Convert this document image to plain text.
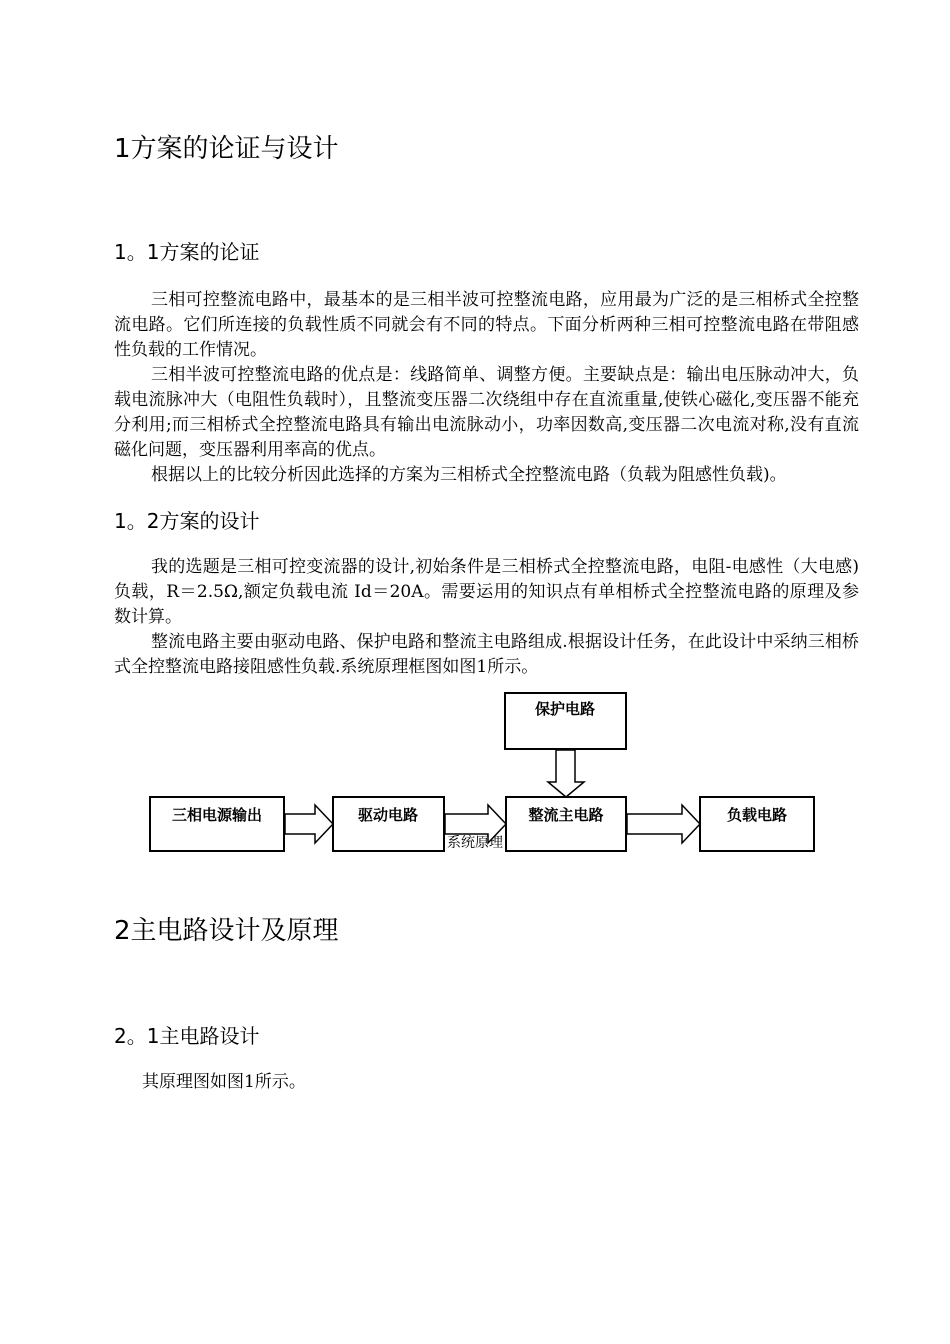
1方案的论证与设计
1。1方案的论证

三相可控整流电路中，最基本的是三相半波可控整流电路，应用最为广泛的是三相桥式全控整流电路。它们所连接的负载性质不同就会有不同的特点。下面分析两种三相可控整流电路在带阻感性负载的工作情况。

三相半波可控整流电路的优点是：线路简单、调整方便。主要缺点是：输出电压脉动冲大，负载电流脉冲大（电阻性负载时），且整流变压器二次绕组中存在直流重量,使铁心磁化,变压器不能充分利用;而三相桥式全控整流电路具有输出电流脉动小，功率因数高,变压器二次电流对称,没有直流磁化问题，变压器利用率高的优点。

根据以上的比较分析因此选择的方案为三相桥式全控整流电路（负载为阻感性负载)。

1。2方案的设计

我的选题是三相可控变流器的设计,初始条件是三相桥式全控整流电路，电阻-电感性（大电感)负载，R＝2.5Ω,额定负载电流 Id＝20A。需要运用的知识点有单相桥式全控整流电路的原理及参数计算。

整流电路主要由驱动电路、保护电路和整流主电路组成.根据设计任务，在此设计中采纳三相桥式全控整流电路接阻感性负载.系统原理框图如图1所示。

系统原理
保护电路
三相电源输出	驱动电路	整流主电路	负载电路
2主电路设计及原理
2。1主电路设计

其原理图如图1所示。
